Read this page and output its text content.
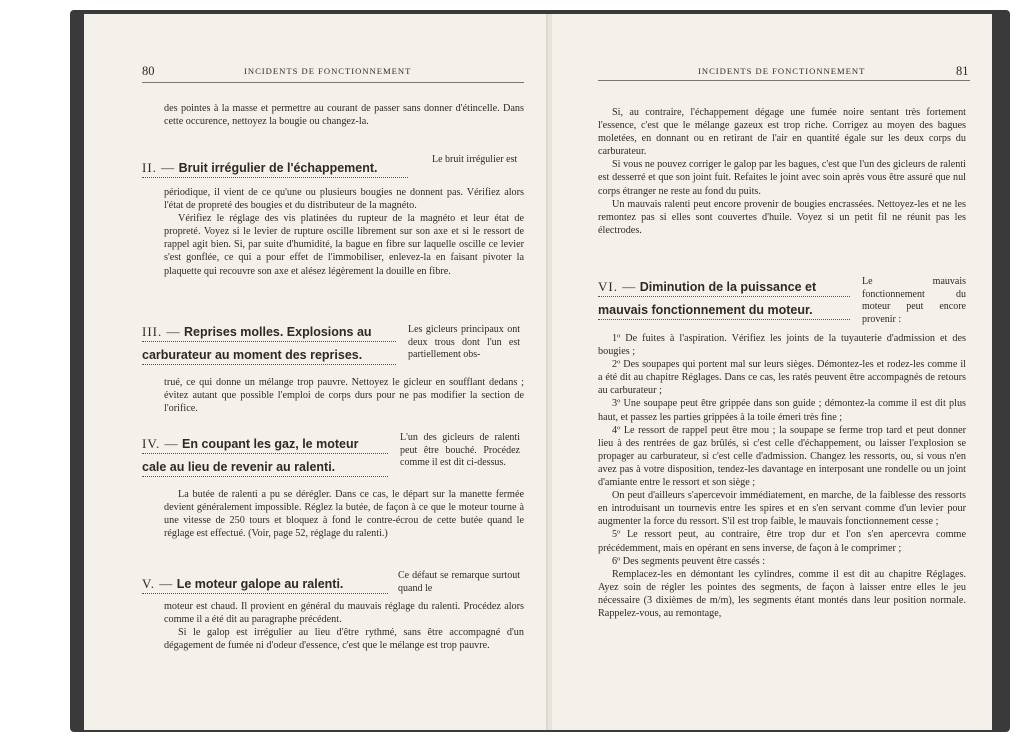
80	INCIDENTS DE FONCTIONNEMENT

des pointes à la masse et permettre au courant de passer sans donner d'étincelle. Dans cette occurence, nettoyez la bougie ou changez-la.

II. — Bruit irrégulier de l'échappement.
Le bruit irrégulier est

périodique, il vient de ce qu'une ou plusieurs bougies ne donnent pas. Vérifiez alors l'état de propreté des bougies et du distributeur de la magnéto.

Vérifiez le réglage des vis platinées du rupteur de la magnéto et leur état de propreté. Voyez si le levier de rupture oscille librement sur son axe et si le ressort de rappel agit bien. Si, par suite d'humidité, la bague en fibre sur laquelle oscille ce levier s'est gonflée, ce qui a pour effet de l'immobiliser, enlevez-la en faisant pivoter la plaquette qui recouvre son axe et alésez légèrement la douille en fibre.

III. — Reprises molles. Explosions au
carburateur au moment des reprises.
Les gicleurs principaux ont deux trous dont l'un est partiellement obs-

trué, ce qui donne un mélange trop pauvre. Nettoyez le gicleur en soufflant dedans ; évitez autant que possible l'emploi de corps durs pour ne pas modifier la section de l'orifice.

IV. — En coupant les gaz, le moteur
cale au lieu de revenir au ralenti.
L'un des gicleurs de ralenti peut être bouché. Procédez comme il est dit ci-dessus.

La butée de ralenti a pu se dérégler. Dans ce cas, le départ sur la manette fermée devient généralement impossible. Réglez la butée, de façon à ce que le moteur tourne à une vitesse de 250 tours et bloquez à fond le contre-écrou de cette butée quand le réglage est effectué. (Voir, page 52, réglage du ralenti.)

V. — Le moteur galope au ralenti.
Ce défaut se remarque surtout quand le

moteur est chaud. Il provient en général du mauvais réglage du ralenti. Procédez alors comme il a été dit au paragraphe précédent.

Si le galop est irrégulier au lieu d'être rythmé, sans être accompagné d'un dégagement de fumée ni d'odeur d'essence, c'est que le mélange est trop pauvre.

INCIDENTS DE FONCTIONNEMENT	81

Si, au contraire, l'échappement dégage une fumée noire sentant très fortement l'essence, c'est que le mélange gazeux est trop riche. Corrigez au moyen des bagues moletées, en donnant ou en retirant de l'air en quantité égale sur les deux corps du carburateur.

Si vous ne pouvez corriger le galop par les bagues, c'est que l'un des gicleurs de ralenti est desserré et que son joint fuit. Refaites le joint avec soin après vous être assuré que nul corps étranger ne reste au fond du puits.

Un mauvais ralenti peut encore provenir de bougies encrassées. Nettoyez-les et ne les remontez pas si elles sont couvertes d'huile. Voyez si un petit fil ne réunit pas les électrodes.

VI. — Diminution de la puissance et
mauvais fonctionnement du moteur.
Le mauvais fonctionnement du moteur peut encore provenir :

1º De fuites à l'aspiration. Vérifiez les joints de la tuyauterie d'admission et des bougies ;

2º Des soupapes qui portent mal sur leurs sièges. Démontez-les et rodez-les comme il a été dit au chapitre Réglages. Dans ce cas, les ratés peuvent être accompagnés de retours au carburateur ;

3º Une soupape peut être grippée dans son guide ; démontez-la comme il est dit plus haut, et passez les parties grippées à la toile émeri très fine ;

4º Le ressort de rappel peut être mou ; la soupape se ferme trop tard et peut donner lieu à des rentrées de gaz brûlés, si c'est celle d'échappement, ou laisser l'explosion se propager au carburateur, si c'est celle d'admission. Changez les ressorts, ou, si vous n'en avez pas à votre disposition, tendez-les davantage en interposant une rondelle ou un joint d'amiante entre le ressort et son siège ;

On peut d'ailleurs s'apercevoir immédiatement, en marche, de la faiblesse des ressorts en introduisant un tournevis entre les spires et en s'en servant comme d'un levier pour augmenter la force du ressort. S'il est trop faible, le mauvais fonctionnement cesse ;

5º Le ressort peut, au contraire, être trop dur et l'on s'en apercevra comme précédemment, mais en opérant en sens inverse, de façon à le comprimer ;

6º Des segments peuvent être cassés :

Remplacez-les en démontant les cylindres, comme il est dit au chapitre Réglages. Ayez soin de régler les pointes des segments, de façon à laisser entre elles le jeu nécessaire (3 dixièmes de m/m), les segments étant montés dans leur position normale. Rappelez-vous, au remontage,
